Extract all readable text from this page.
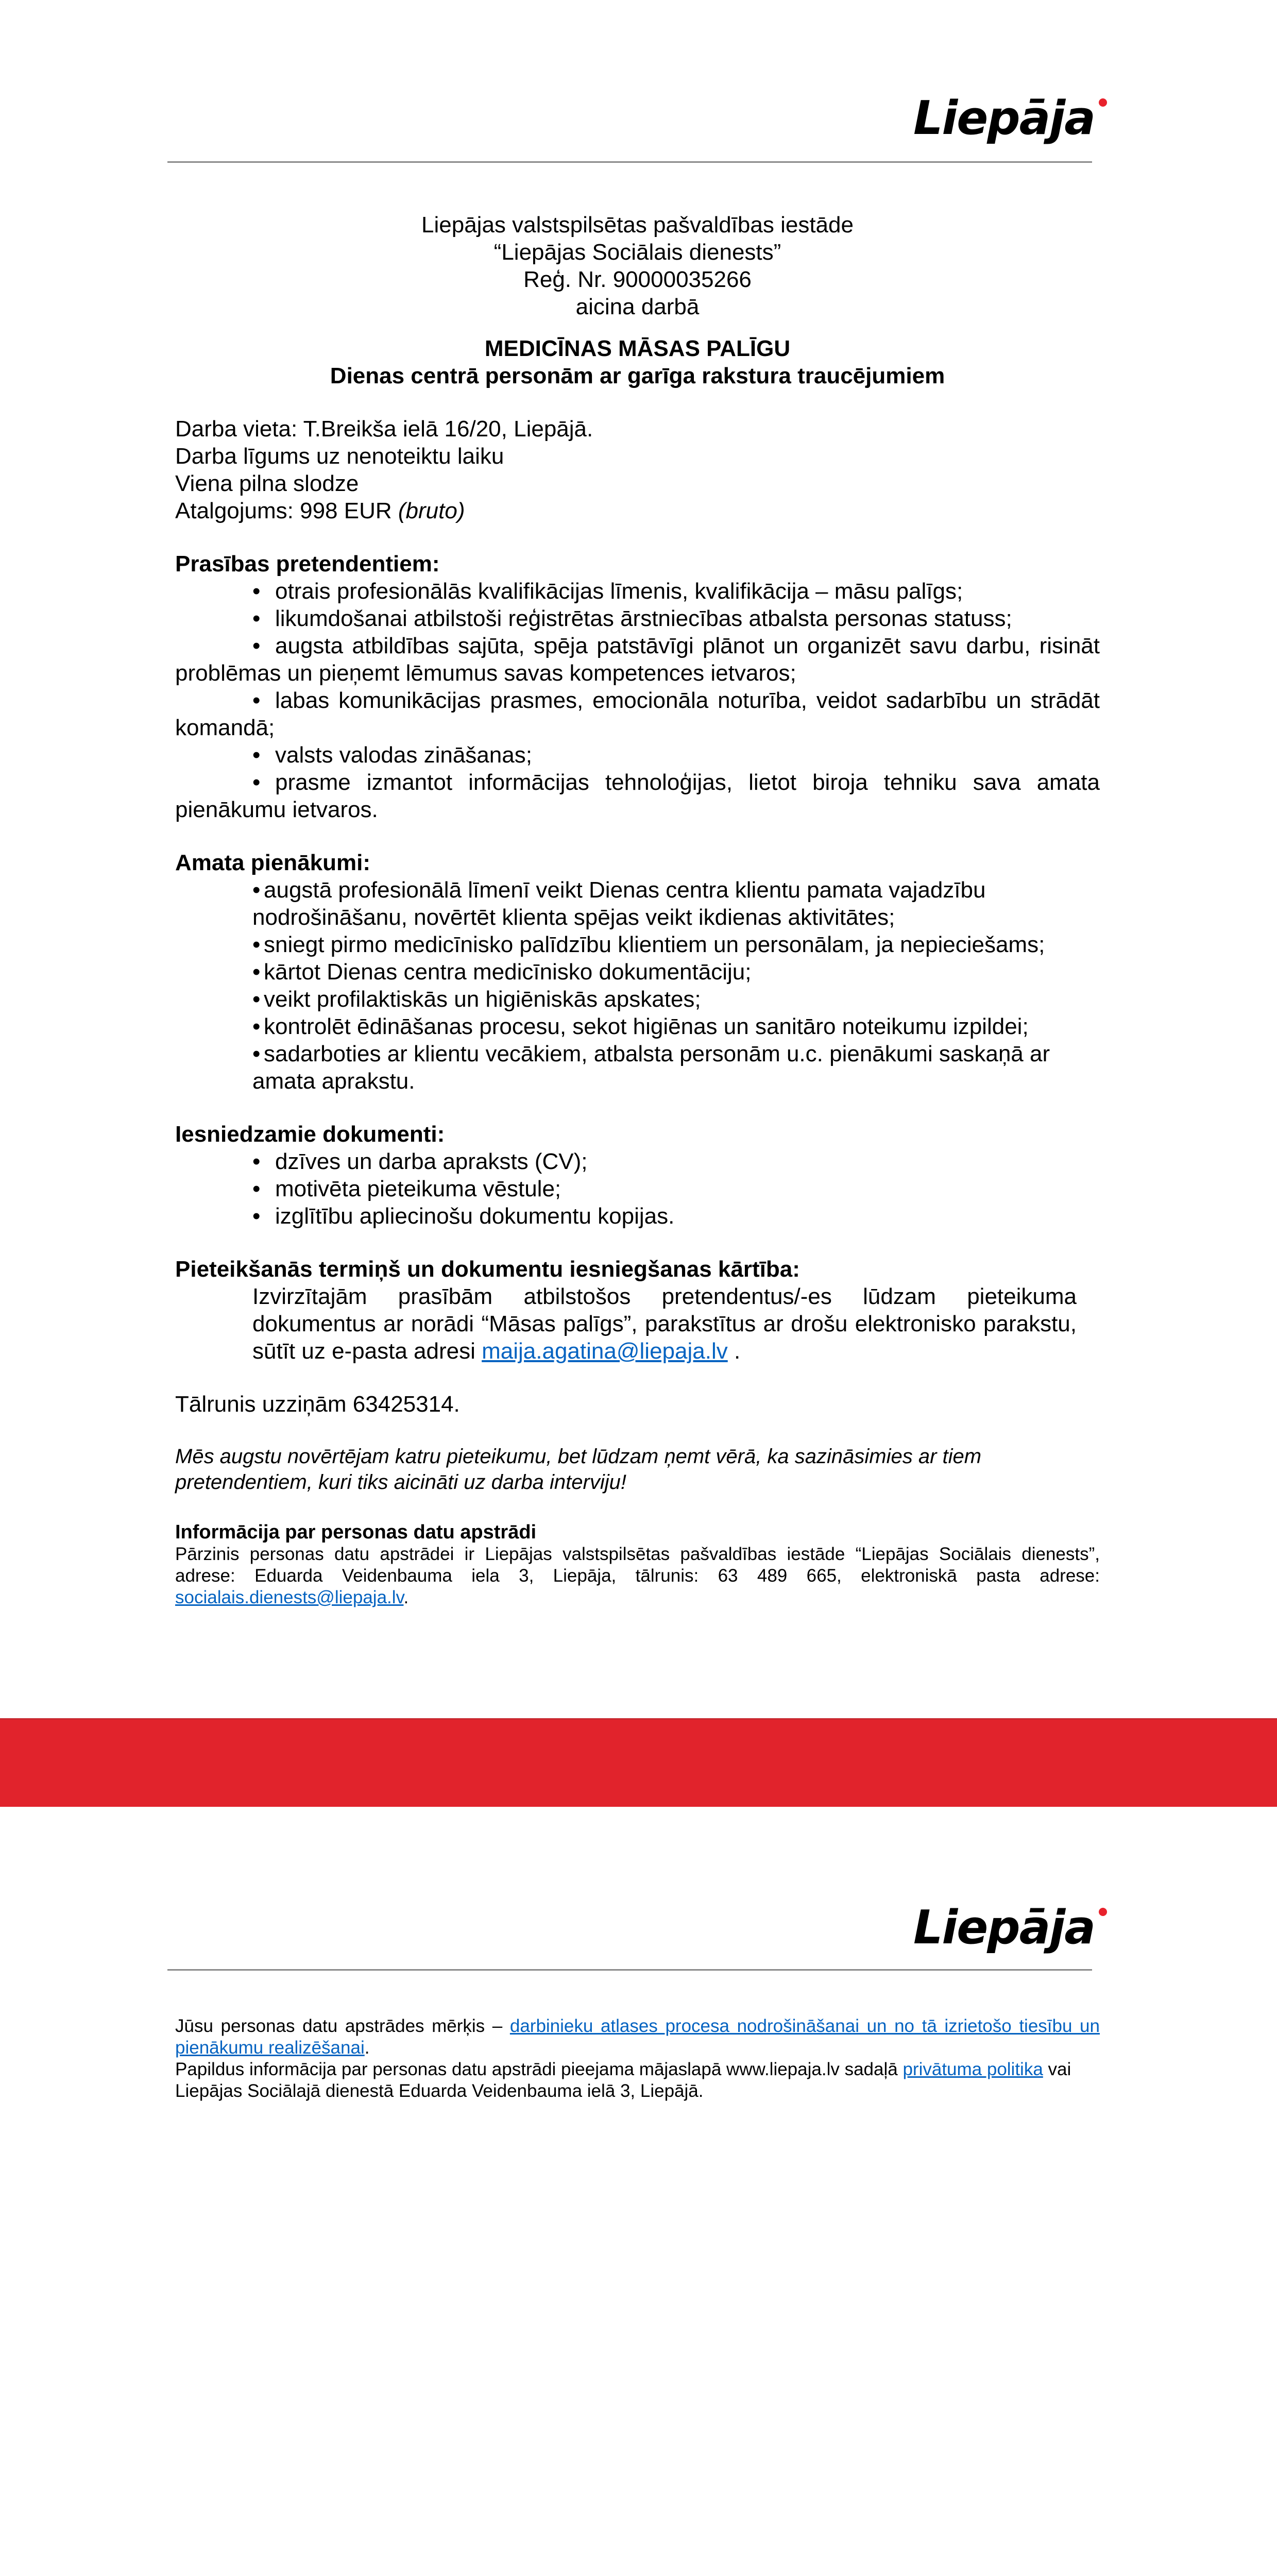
Liepāja

Liepājas valstspilsētas pašvaldības iestāde

“Liepājas Sociālais dienests”

Reģ. Nr. 90000035266

aicina darbā

MEDICĪNAS MĀSAS PALĪGU

Dienas centrā personām ar garīga rakstura traucējumiem

Darba vieta: T.Breikša ielā 16/20, Liepājā.

Darba līgums uz nenoteiktu laiku

Viena pilna slodze

Atalgojums: 998 EUR (bruto)

Prasības pretendentiem:

• otrais profesionālās kvalifikācijas līmenis, kvalifikācija – māsu palīgs;
• likumdošanai atbilstoši reģistrētas ārstniecības atbalsta personas statuss;
• augsta atbildības sajūta, spēja patstāvīgi plānot un organizēt savu darbu, risināt problēmas un pieņemt lēmumus savas kompetences ietvaros;
• labas komunikācijas prasmes, emocionāla noturība, veidot sadarbību un strādāt komandā;
• valsts valodas zināšanas;
• prasme izmantot informācijas tehnoloģijas, lietot biroja tehniku sava amata pienākumu ietvaros.

Amata pienākumi:

• augstā profesionālā līmenī veikt Dienas centra klientu pamata vajadzību nodrošināšanu, novērtēt klienta spējas veikt ikdienas aktivitātes;
• sniegt pirmo medicīnisko palīdzību klientiem un personālam, ja nepieciešams;
• kārtot Dienas centra medicīnisko dokumentāciju;
• veikt profilaktiskās un higiēniskās apskates;
• kontrolēt ēdināšanas procesu, sekot higiēnas un sanitāro noteikumu izpildei;
• sadarboties ar klientu vecākiem, atbalsta personām u.c. pienākumi saskaņā ar amata aprakstu.

Iesniedzamie dokumenti:

• dzīves un darba apraksts (CV);
• motivēta pieteikuma vēstule;
• izglītību apliecinošu dokumentu kopijas.

Pieteikšanās termiņš un dokumentu iesniegšanas kārtība:

Izvirzītajām prasībām atbilstošos pretendentus/-es lūdzam pieteikuma dokumentus ar norādi “Māsas palīgs”, parakstītus ar drošu elektronisko parakstu, sūtīt uz e-pasta adresi maija.agatina@liepaja.lv .

Tālrunis uzziņām 63425314.

Mēs augstu novērtējam katru pieteikumu, bet lūdzam ņemt vērā, ka sazināsimies ar tiem pretendentiem, kuri tiks aicināti uz darba interviju!

Informācija par personas datu apstrādi

Pārzinis personas datu apstrādei ir Liepājas valstspilsētas pašvaldības iestāde “Liepājas Sociālais dienests”, adrese: Eduarda Veidenbauma iela 3, Liepāja, tālrunis: 63 489 665, elektroniskā pasta adrese: socialais.dienests@liepaja.lv.

Liepāja

Jūsu personas datu apstrādes mērķis – darbinieku atlases procesa nodrošināšanai un no tā izrietošo tiesību un pienākumu realizēšanai.

Papildus informācija par personas datu apstrādi pieejama mājaslapā www.liepaja.lv sadaļā privātuma politika vai Liepājas Sociālajā dienestā Eduarda Veidenbauma ielā 3, Liepājā.
